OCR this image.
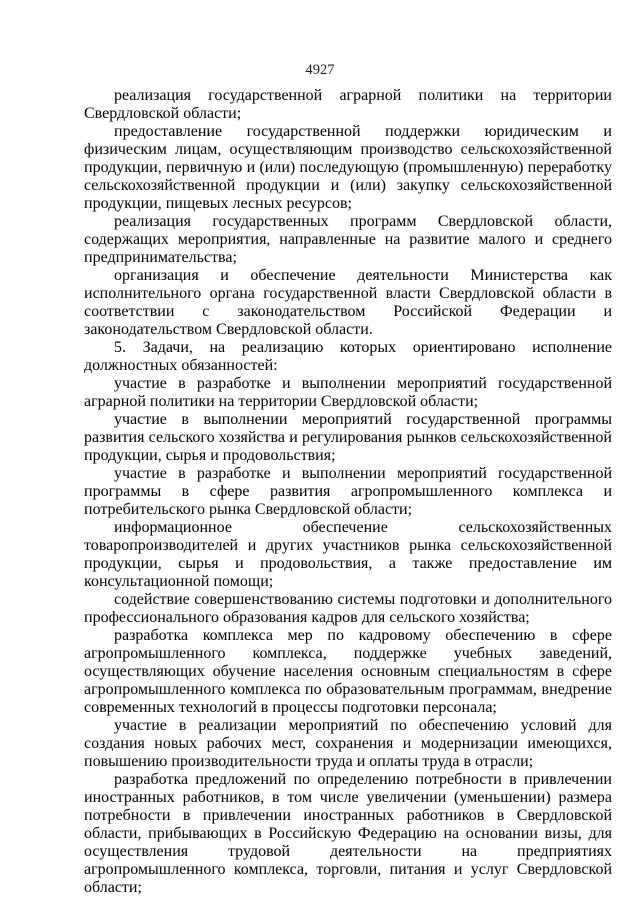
4927

реализация государственной аграрной политики на территории Свердловской области;

предоставление государственной поддержки юридическим и физическим лицам, осуществляющим производство сельскохозяйственной продукции, первичную и (или) последующую (промышленную) переработку сельскохозяйственной продукции и (или) закупку сельскохозяйственной продукции, пищевых лесных ресурсов;

реализация государственных программ Свердловской области, содержащих мероприятия, направленные на развитие малого и среднего предпринимательства;

организация и обеспечение деятельности Министерства как исполнительного органа государственной власти Свердловской области в соответствии с законодательством Российской Федерации и законодательством Свердловской области.

5. Задачи, на реализацию которых ориентировано исполнение должностных обязанностей:

участие в разработке и выполнении мероприятий государственной аграрной политики на территории Свердловской области;

участие в выполнении мероприятий государственной программы развития сельского хозяйства и регулирования рынков сельскохозяйственной продукции, сырья и продовольствия;

участие в разработке и выполнении мероприятий государственной программы в сфере развития агропромышленного комплекса и потребительского рынка Свердловской области;

информационное обеспечение сельскохозяйственных товаропроизводителей и других участников рынка сельскохозяйственной продукции, сырья и продовольствия, а также предоставление им консультационной помощи;

содействие совершенствованию системы подготовки и дополнительного профессионального образования кадров для сельского хозяйства;

разработка комплекса мер по кадровому обеспечению в сфере агропромышленного комплекса, поддержке учебных заведений, осуществляющих обучение населения основным специальностям в сфере агропромышленного комплекса по образовательным программам, внедрение современных технологий в процессы подготовки персонала;

участие в реализации мероприятий по обеспечению условий для создания новых рабочих мест, сохранения и модернизации имеющихся, повышению производительности труда и оплаты труда в отрасли;

разработка предложений по определению потребности в привлечении иностранных работников, в том числе увеличении (уменьшении) размера потребности в привлечении иностранных работников в Свердловской области, прибывающих в Российскую Федерацию на основании визы, для осуществления трудовой деятельности на предприятиях агропромышленного комплекса, торговли, питания и услуг Свердловской области;
